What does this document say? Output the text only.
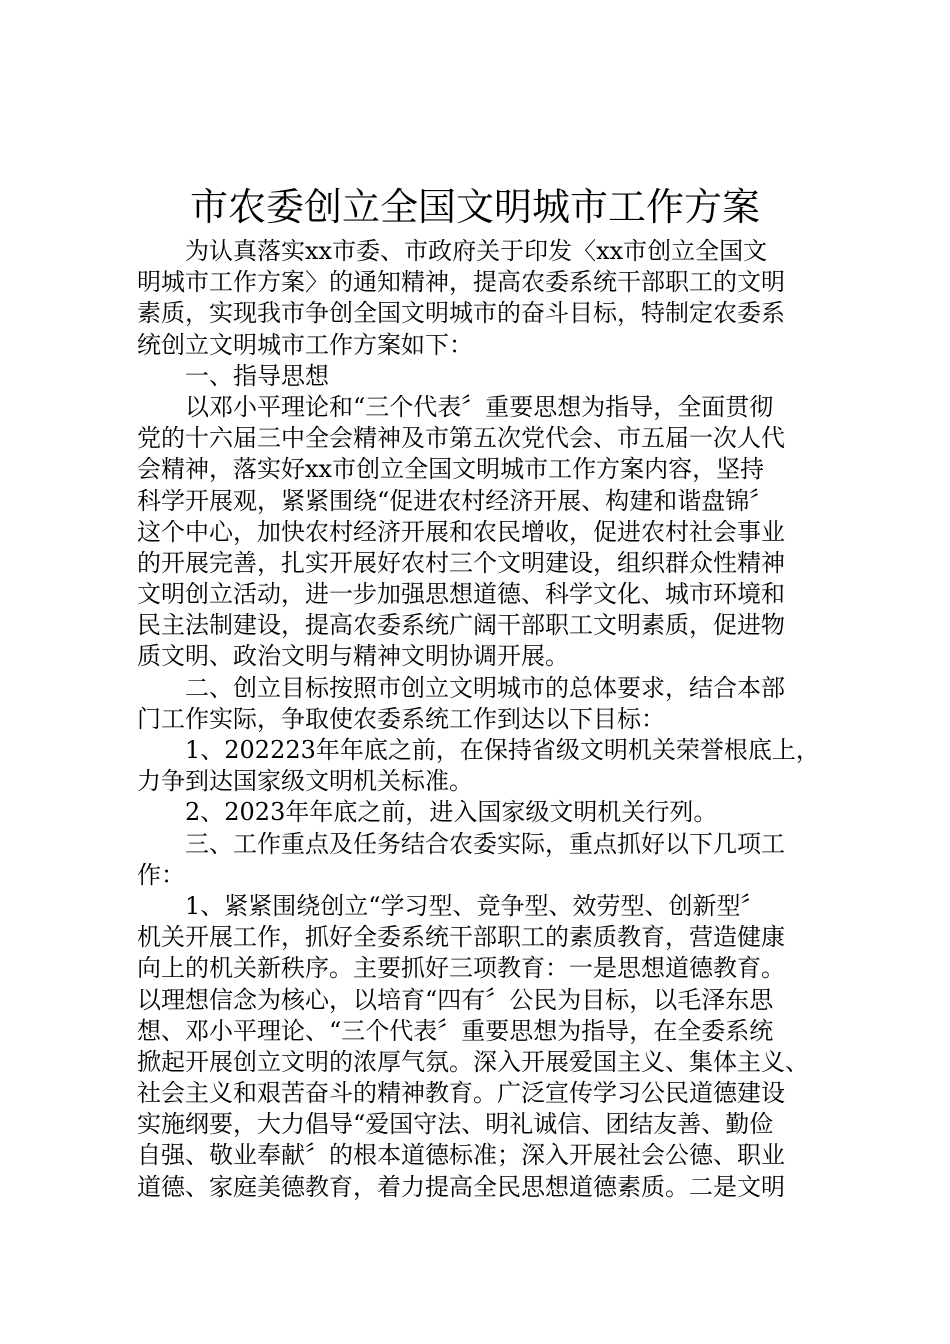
市农委创立全国文明城市工作方案
为认真落实xx市委、市政府关于印发〈xx市创立全国文
明城市工作方案〉的通知精神，提高农委系统干部职工的文明
素质，实现我市争创全国文明城市的奋斗目标，特制定农委系
统创立文明城市工作方案如下：
一、指导思想
以邓小平理论和“三个代表〞重要思想为指导，全面贯彻
党的十六届三中全会精神及市第五次党代会、市五届一次人代
会精神，落实好xx市创立全国文明城市工作方案内容，坚持
科学开展观，紧紧围绕“促进农村经济开展、构建和谐盘锦〞
这个中心，加快农村经济开展和农民增收，促进农村社会事业
的开展完善，扎实开展好农村三个文明建设，组织群众性精神
文明创立活动，进一步加强思想道德、科学文化、城市环境和
民主法制建设，提高农委系统广阔干部职工文明素质，促进物
质文明、政治文明与精神文明协调开展。
二、创立目标按照市创立文明城市的总体要求，结合本部
门工作实际，争取使农委系统工作到达以下目标：
1、202223年年底之前，在保持省级文明机关荣誉根底上，
力争到达国家级文明机关标准。
2、2023年年底之前，进入国家级文明机关行列。
三、工作重点及任务结合农委实际，重点抓好以下几项工
作：
1、紧紧围绕创立“学习型、竞争型、效劳型、创新型〞
机关开展工作，抓好全委系统干部职工的素质教育，营造健康
向上的机关新秩序。主要抓好三项教育：一是思想道德教育。
以理想信念为核心，以培育“四有〞公民为目标，以毛泽东思
想、邓小平理论、“三个代表〞重要思想为指导，在全委系统
掀起开展创立文明的浓厚气氛。深入开展爱国主义、集体主义、
社会主义和艰苦奋斗的精神教育。广泛宣传学习公民道德建设
实施纲要，大力倡导“爱国守法、明礼诚信、团结友善、勤俭
自强、敬业奉献〞的根本道德标准；深入开展社会公德、职业
道德、家庭美德教育，着力提高全民思想道德素质。二是文明
